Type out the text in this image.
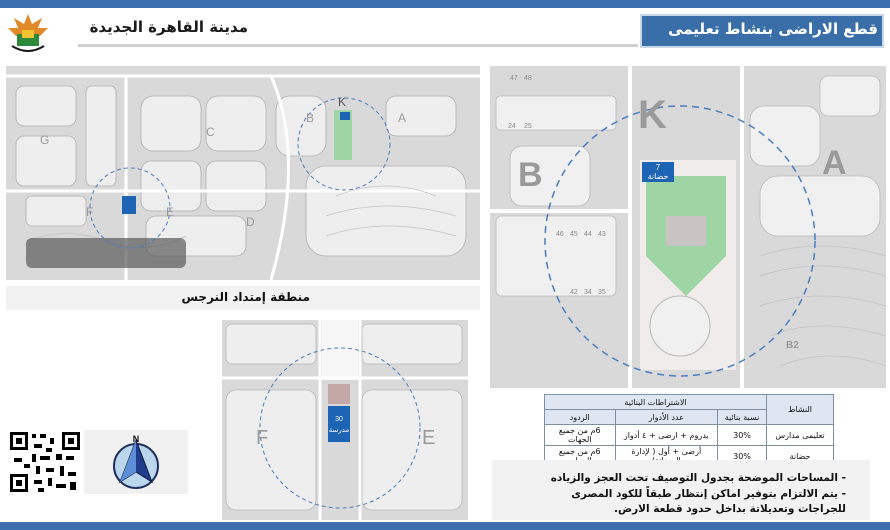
مدينة القاهرة الجديدة	قطع الاراضى بنشاط تعليمى
G
C
K
B	A
D
E
F
منطقة إمتداد النرجس
30
مدرسة
F	E
7
حضانة
47 48
25
24
46 45 44 43
42 34 35
K
B	A
B2
N
النشاط	الاشتراطات البنائية		
	نسبة بنائية	عدد الأدوار	الردود
تعليمى مدارس	30%	بدروم + ارضى + ٤ أدوار	6م من جميع الجهات
حضانة	30%	أرضى + أول ( لإدارة	6م من جميع
- المساحات الموضحة بجدول التوصيف تحت العجز والزياده
- يتم الالتزام بتوفير اماكن إنتظار طبقاً للكود المصرى
للجراجات وتعديلاتة بداخل حدود قطعة الارض.
